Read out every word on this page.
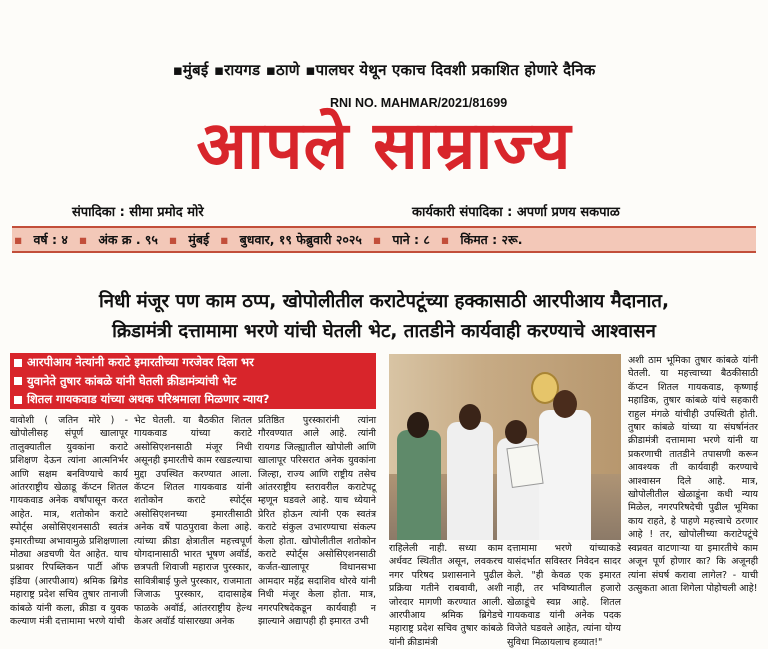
▪मुंबई ▪रायगड ▪ठाणे ▪पालघर येथून एकाच दिवशी प्रकाशित होणारे दैनिक
RNI NO. MAHMAR/2021/81699
आपले साम्राज्य
संपादिका : सीमा प्रमोद मोरे	कार्यकारी संपादिका : अपर्णा प्रणय सकपाळ
▪ वर्ष : ४ ▪ अंक क्र . ९५ ▪ मुंबई ▪ बुधवार, १९ फेब्रुवारी २०२५ ▪ पाने : ८ ▪ किंमत : २रू.
निधी मंजूर पण काम ठप्प, खोपोलीतील कराटेपटूंच्या हक्कासाठी आरपीआय मैदानात,
क्रिडामंत्री दत्तामामा भरणे यांची घेतली भेट, तातडीने कार्यवाही करण्याचे आश्वासन
आरपीआय नेत्यांनी कराटे इमारतीच्या गरजेवर दिला भर
युवानेते तुषार कांबळे यांनी घेतली क्रीडामंत्र्यांची भेट
शितल गायकवाड यांच्या अथक परिश्रमाला मिळणार न्याय?

वावोशी ( जतिन मोरे ) - खोपोलीसह संपूर्ण खालापूर तालुक्यातील युवकांना कराटे प्रशिक्षण देऊन त्यांना आत्मनिर्भर आणि सक्षम बनविण्याचे कार्य आंतरराष्ट्रीय खेळाडू कॅप्टन शितल गायकवाड अनेक वर्षांपासून करत आहेत. मात्र, शतोकोन कराटे स्पोर्ट्स असोसिएशनसाठी स्वतंत्र इमारतीच्या अभावामुळे प्रशिक्षणाला मोठ्या अडचणी येत आहेत. याच प्रश्नावर रिपब्लिकन पार्टी ऑफ इंडिया (आरपीआय) श्रमिक ब्रिगेड महाराष्ट्र प्रदेश सचिव तुषार तानाजी कांबळे यांनी कला, क्रीडा व युवक कल्याण मंत्री दत्तामामा भरणे यांची

भेट घेतली. या बैठकीत शितल गायकवाड यांच्या कराटे असोसिएशनसाठी मंजूर निधी असूनही इमारतीचे काम रखडल्याचा मुद्दा उपस्थित करण्यात आला. कॅप्टन शितल गायकवाड यांनी शतोकोन कराटे स्पोर्ट्स असोसिएशनच्या इमारतीसाठी अनेक वर्षे पाठपुरावा केला आहे. त्यांच्या क्रीडा क्षेत्रातील महत्त्वपूर्ण योगदानासाठी भारत भूषण अवॉर्ड, छत्रपती शिवाजी महाराज पुरस्कार, सावित्रीबाई फुले पुरस्कार, राजमाता जिजाऊ पुरस्कार, दादासाहेब फाळके अवॉर्ड, आंतरराष्ट्रीय हेल्थ केअर अवॉर्ड यांसारख्या अनेक

प्रतिष्ठित पुरस्कारांनी त्यांना गौरवण्यात आले आहे. त्यांनी रायगड जिल्ह्यातील खोपोली आणि खालापूर परिसरात अनेक युवकांना जिल्हा, राज्य आणि राष्ट्रीय तसेच आंतरराष्ट्रीय स्तरावरील कराटेपटू म्हणून घडवले आहे. याच ध्येयाने प्रेरित होऊन त्यांनी एक स्वतंत्र कराटे संकुल उभारण्याचा संकल्प केला होता. खोपोलीतील शतोकोन कराटे स्पोर्ट्स असोसिएशनसाठी कर्जत-खालापूर विधानसभा आमदार महेंद्र सदाशिव थोरवे यांनी निधी मंजूर केला होता. मात्र, नगरपरिषदेकडून कार्यवाही न झाल्याने अद्यापही ही इमारत उभी

राहिलेली नाही. सध्या काम अर्धवट स्थितीत असून, लवकरच नगर परिषद प्रशासनाने पुढील प्रक्रिया गतीने राबवावी, अशी जोरदार मागणी करण्यात आली. आरपीआय श्रमिक ब्रिगेडचे महाराष्ट्र प्रदेश सचिव तुषार कांबळे यांनी क्रीडामंत्री

दत्तामामा भरणे यांच्याकडे यासंदर्भात सविस्तर निवेदन सादर केले. "ही केवळ एक इमारत नाही, तर भविष्यातील हजारो खेळाडूंचे स्वप्न आहे. शितल गायकवाड यांनी अनेक पदक विजेते घडवले आहेत, त्यांना योग्य सुविधा मिळायलाच हव्यात!"

अशी ठाम भूमिका तुषार कांबळे यांनी घेतली. या महत्त्वाच्या बैठकीसाठी कॅप्टन शितल गायकवाड, कृष्णाई महाडिक, तुषार कांबळे यांचे सहकारी राहुल मंगळे यांचीही उपस्थिती होती. तुषार कांबळे यांच्या या संघर्षानंतर क्रीडामंत्री दत्तामामा भरणे यांनी या प्रकरणाची तातडीने तपासणी करून आवश्यक ती कार्यवाही करण्याचे आश्वासन दिले आहे. मात्र, खोपोलीतील खेळाडूंना कधी न्याय मिळेल, नगरपरिषदेची पुढील भूमिका काय राहते, हे पाहणे महत्त्वाचे ठरणार आहे ! तर, खोपोलीच्या कराटेपटूंचे स्वप्नवत वाटणाऱ्या या इमारतीचे काम अजून पूर्ण होणार का? कि अजूनही त्यांना संघर्ष करावा लागेल? - याची उत्सुकता आता शिगेला पोहोचली आहे!
